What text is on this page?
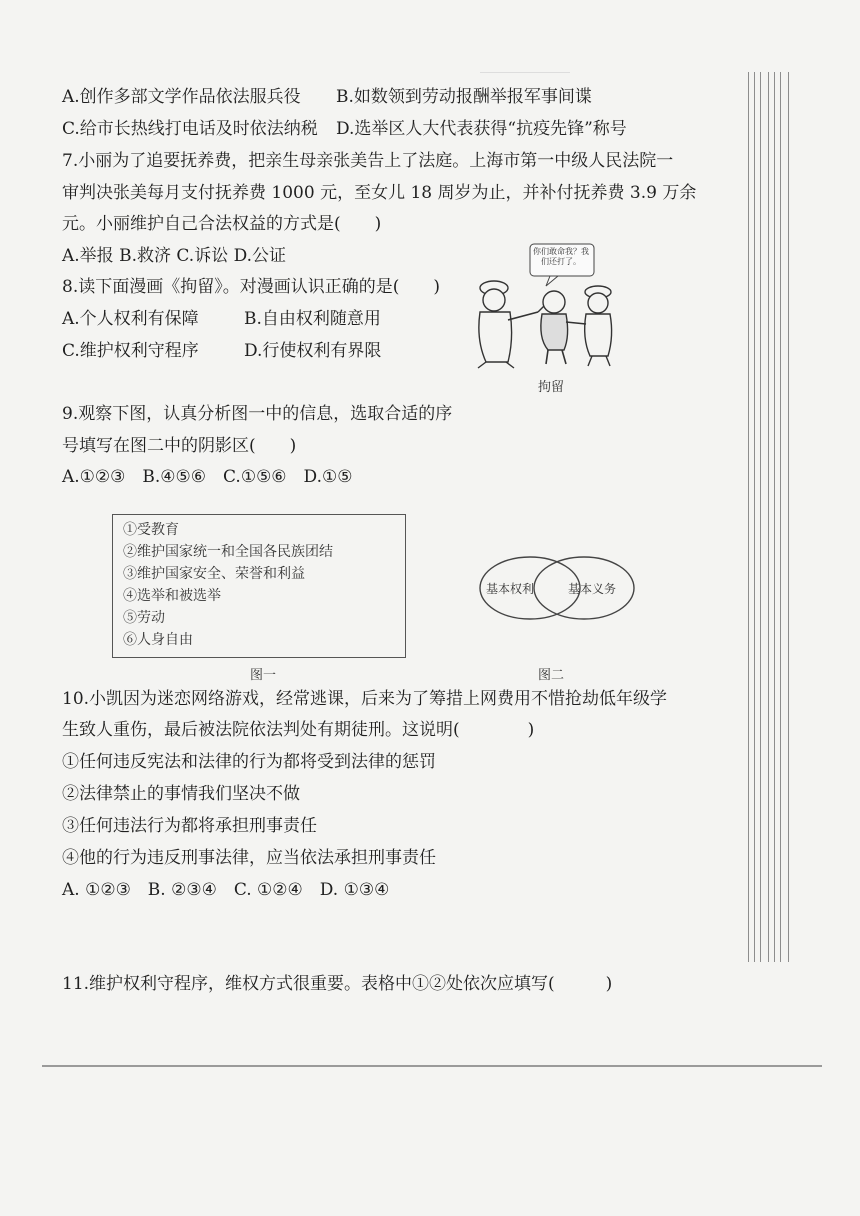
A.创作多部文学作品依法服兵役 B.如数领到劳动报酬举报军事间谍
C.给市长热线打电话及时依法纳税 D.选举区人大代表获得“抗疫先锋”称号
7.小丽为了追要抚养费，把亲生母亲张美告上了法庭。上海市第一中级人民法院一
审判决张美每月支付抚养费 1000 元，至女儿 18 周岁为止，并补付抚养费 3.9 万余
元。小丽维护自己合法权益的方式是(　　)
A.举报 B.救济 C.诉讼 D.公证
8.读下面漫画《拘留》。对漫画认识正确的是(　　)
A.个人权利有保障	B.自由权利随意用
C.维护权利守程序	D.行使权利有界限
你们敢命我？我们还打了。
拘留
9.观察下图，认真分析图一中的信息，选取合适的序
号填写在图二中的阴影区(　　)
A.①②③　B.④⑤⑥　C.①⑤⑥　D.①⑤
①受教育
②维护国家统一和全国各民族团结
③维护国家安全、荣誉和利益
④选举和被选举
⑤劳动
⑥人身自由
图一
基本权利	基本义务
图二
10.小凯因为迷恋网络游戏，经常逃课，后来为了筹措上网费用不惜抢劫低年级学
生致人重伤，最后被法院依法判处有期徒刑。这说明(　　　　)
①任何违反宪法和法律的行为都将受到法律的惩罚
②法律禁止的事情我们坚决不做
③任何违法行为都将承担刑事责任
④他的行为违反刑事法律，应当依法承担刑事责任
A. ①②③　B. ②③④　C. ①②④　D. ①③④
11.维护权利守程序，维权方式很重要。表格中①②处依次应填写(　　　)
